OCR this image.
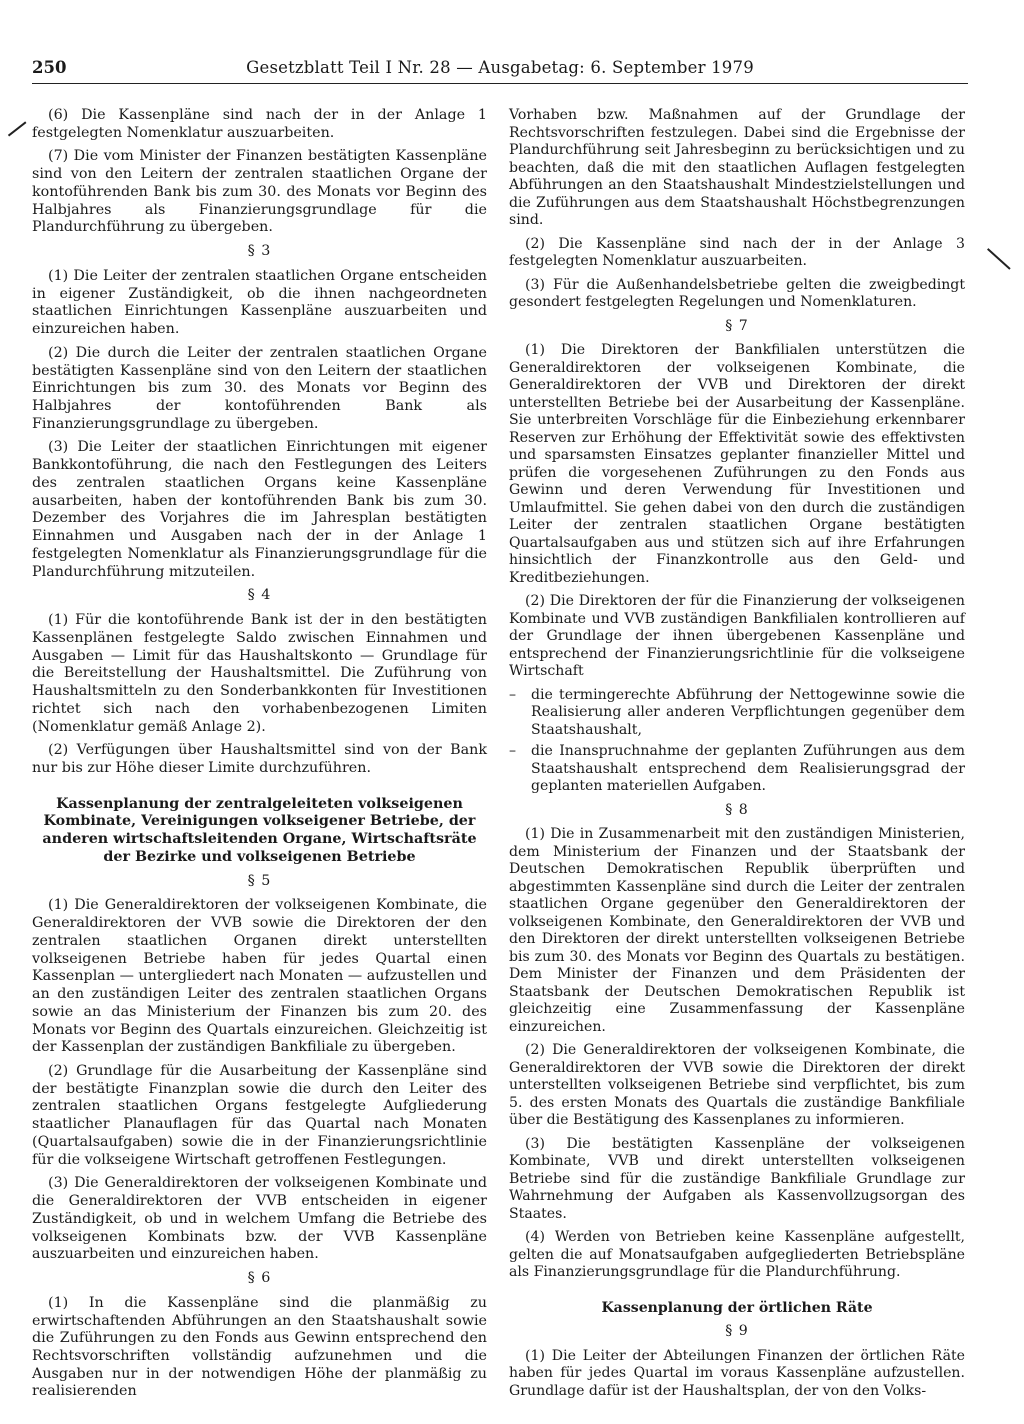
250	Gesetzblatt Teil I Nr. 28 — Ausgabetag: 6. September 1979

(6) Die Kassenpläne sind nach der in der Anlage 1 festgelegten Nomenklatur auszuarbeiten.

(7) Die vom Minister der Finanzen bestätigten Kassenpläne sind von den Leitern der zentralen staatlichen Organe der kontoführenden Bank bis zum 30. des Monats vor Beginn des Halbjahres als Finanzierungsgrundlage für die Plandurchführung zu übergeben.

§ 3

(1) Die Leiter der zentralen staatlichen Organe entscheiden in eigener Zuständigkeit, ob die ihnen nachgeordneten staatlichen Einrichtungen Kassenpläne auszuarbeiten und einzureichen haben.

(2) Die durch die Leiter der zentralen staatlichen Organe bestätigten Kassenpläne sind von den Leitern der staatlichen Einrichtungen bis zum 30. des Monats vor Beginn des Halbjahres der kontoführenden Bank als Finanzierungsgrundlage zu übergeben.

(3) Die Leiter der staatlichen Einrichtungen mit eigener Bankkontoführung, die nach den Festlegungen des Leiters des zentralen staatlichen Organs keine Kassenpläne ausarbeiten, haben der kontoführenden Bank bis zum 30. Dezember des Vorjahres die im Jahresplan bestätigten Einnahmen und Ausgaben nach der in der Anlage 1 festgelegten Nomenklatur als Finanzierungsgrundlage für die Plandurchführung mitzuteilen.

§ 4

(1) Für die kontoführende Bank ist der in den bestätigten Kassenplänen festgelegte Saldo zwischen Einnahmen und Ausgaben — Limit für das Haushaltskonto — Grundlage für die Bereitstellung der Haushaltsmittel. Die Zuführung von Haushaltsmitteln zu den Sonderbankkonten für Investitionen richtet sich nach den vorhabenbezogenen Limiten (Nomenklatur gemäß Anlage 2).

(2) Verfügungen über Haushaltsmittel sind von der Bank nur bis zur Höhe dieser Limite durchzuführen.

Kassenplanung der zentralgeleiteten volkseigenen Kombinate, Vereinigungen volkseigener Betriebe, der anderen wirtschaftsleitenden Organe, Wirtschaftsräte der Bezirke und volkseigenen Betriebe
§ 5

(1) Die Generaldirektoren der volkseigenen Kombinate, die Generaldirektoren der VVB sowie die Direktoren der den zentralen staatlichen Organen direkt unterstellten volkseigenen Betriebe haben für jedes Quartal einen Kassenplan — untergliedert nach Monaten — aufzustellen und an den zuständigen Leiter des zentralen staatlichen Organs sowie an das Ministerium der Finanzen bis zum 20. des Monats vor Beginn des Quartals einzureichen. Gleichzeitig ist der Kassenplan der zuständigen Bankfiliale zu übergeben.

(2) Grundlage für die Ausarbeitung der Kassenpläne sind der bestätigte Finanzplan sowie die durch den Leiter des zentralen staatlichen Organs festgelegte Aufgliederung staatlicher Planauflagen für das Quartal nach Monaten (Quartalsaufgaben) sowie die in der Finanzierungsrichtlinie für die volkseigene Wirtschaft getroffenen Festlegungen.

(3) Die Generaldirektoren der volkseigenen Kombinate und die Generaldirektoren der VVB entscheiden in eigener Zuständigkeit, ob und in welchem Umfang die Betriebe des volkseigenen Kombinats bzw. der VVB Kassenpläne auszuarbeiten und einzureichen haben.

§ 6

(1) In die Kassenpläne sind die planmäßig zu erwirtschaftenden Abführungen an den Staatshaushalt sowie die Zuführungen zu den Fonds aus Gewinn entsprechend den Rechtsvorschriften vollständig aufzunehmen und die Ausgaben nur in der notwendigen Höhe der planmäßig zu realisierenden

Vorhaben bzw. Maßnahmen auf der Grundlage der Rechtsvorschriften festzulegen. Dabei sind die Ergebnisse der Plandurchführung seit Jahresbeginn zu berücksichtigen und zu beachten, daß die mit den staatlichen Auflagen festgelegten Abführungen an den Staatshaushalt Mindestzielstellungen und die Zuführungen aus dem Staatshaushalt Höchstbegrenzungen sind.

(2) Die Kassenpläne sind nach der in der Anlage 3 festgelegten Nomenklatur auszuarbeiten.

(3) Für die Außenhandelsbetriebe gelten die zweigbedingt gesondert festgelegten Regelungen und Nomenklaturen.

§ 7

(1) Die Direktoren der Bankfilialen unterstützen die Generaldirektoren der volkseigenen Kombinate, die Generaldirektoren der VVB und Direktoren der direkt unterstellten Betriebe bei der Ausarbeitung der Kassenpläne. Sie unterbreiten Vorschläge für die Einbeziehung erkennbarer Reserven zur Erhöhung der Effektivität sowie des effektivsten und sparsamsten Einsatzes geplanter finanzieller Mittel und prüfen die vorgesehenen Zuführungen zu den Fonds aus Gewinn und deren Verwendung für Investitionen und Umlaufmittel. Sie gehen dabei von den durch die zuständigen Leiter der zentralen staatlichen Organe bestätigten Quartalsaufgaben aus und stützen sich auf ihre Erfahrungen hinsichtlich der Finanzkontrolle aus den Geld- und Kreditbeziehungen.

(2) Die Direktoren der für die Finanzierung der volkseigenen Kombinate und VVB zuständigen Bankfilialen kontrollieren auf der Grundlage der ihnen übergebenen Kassenpläne und entsprechend der Finanzierungsrichtlinie für die volkseigene Wirtschaft

– die termingerechte Abführung der Nettogewinne sowie die Realisierung aller anderen Verpflichtungen gegenüber dem Staatshaushalt,
– die Inanspruchnahme der geplanten Zuführungen aus dem Staatshaushalt entsprechend dem Realisierungsgrad der geplanten materiellen Aufgaben.
§ 8

(1) Die in Zusammenarbeit mit den zuständigen Ministerien, dem Ministerium der Finanzen und der Staatsbank der Deutschen Demokratischen Republik überprüften und abgestimmten Kassenpläne sind durch die Leiter der zentralen staatlichen Organe gegenüber den Generaldirektoren der volkseigenen Kombinate, den Generaldirektoren der VVB und den Direktoren der direkt unterstellten volkseigenen Betriebe bis zum 30. des Monats vor Beginn des Quartals zu bestätigen. Dem Minister der Finanzen und dem Präsidenten der Staatsbank der Deutschen Demokratischen Republik ist gleichzeitig eine Zusammenfassung der Kassenpläne einzureichen.

(2) Die Generaldirektoren der volkseigenen Kombinate, die Generaldirektoren der VVB sowie die Direktoren der direkt unterstellten volkseigenen Betriebe sind verpflichtet, bis zum 5. des ersten Monats des Quartals die zuständige Bankfiliale über die Bestätigung des Kassenplanes zu informieren.

(3) Die bestätigten Kassenpläne der volkseigenen Kombinate, VVB und direkt unterstellten volkseigenen Betriebe sind für die zuständige Bankfiliale Grundlage zur Wahrnehmung der Aufgaben als Kassenvollzugsorgan des Staates.

(4) Werden von Betrieben keine Kassenpläne aufgestellt, gelten die auf Monatsaufgaben aufgegliederten Betriebspläne als Finanzierungsgrundlage für die Plandurchführung.

Kassenplanung der örtlichen Räte
§ 9

(1) Die Leiter der Abteilungen Finanzen der örtlichen Räte haben für jedes Quartal im voraus Kassenpläne aufzustellen. Grundlage dafür ist der Haushaltsplan, der von den Volks-
